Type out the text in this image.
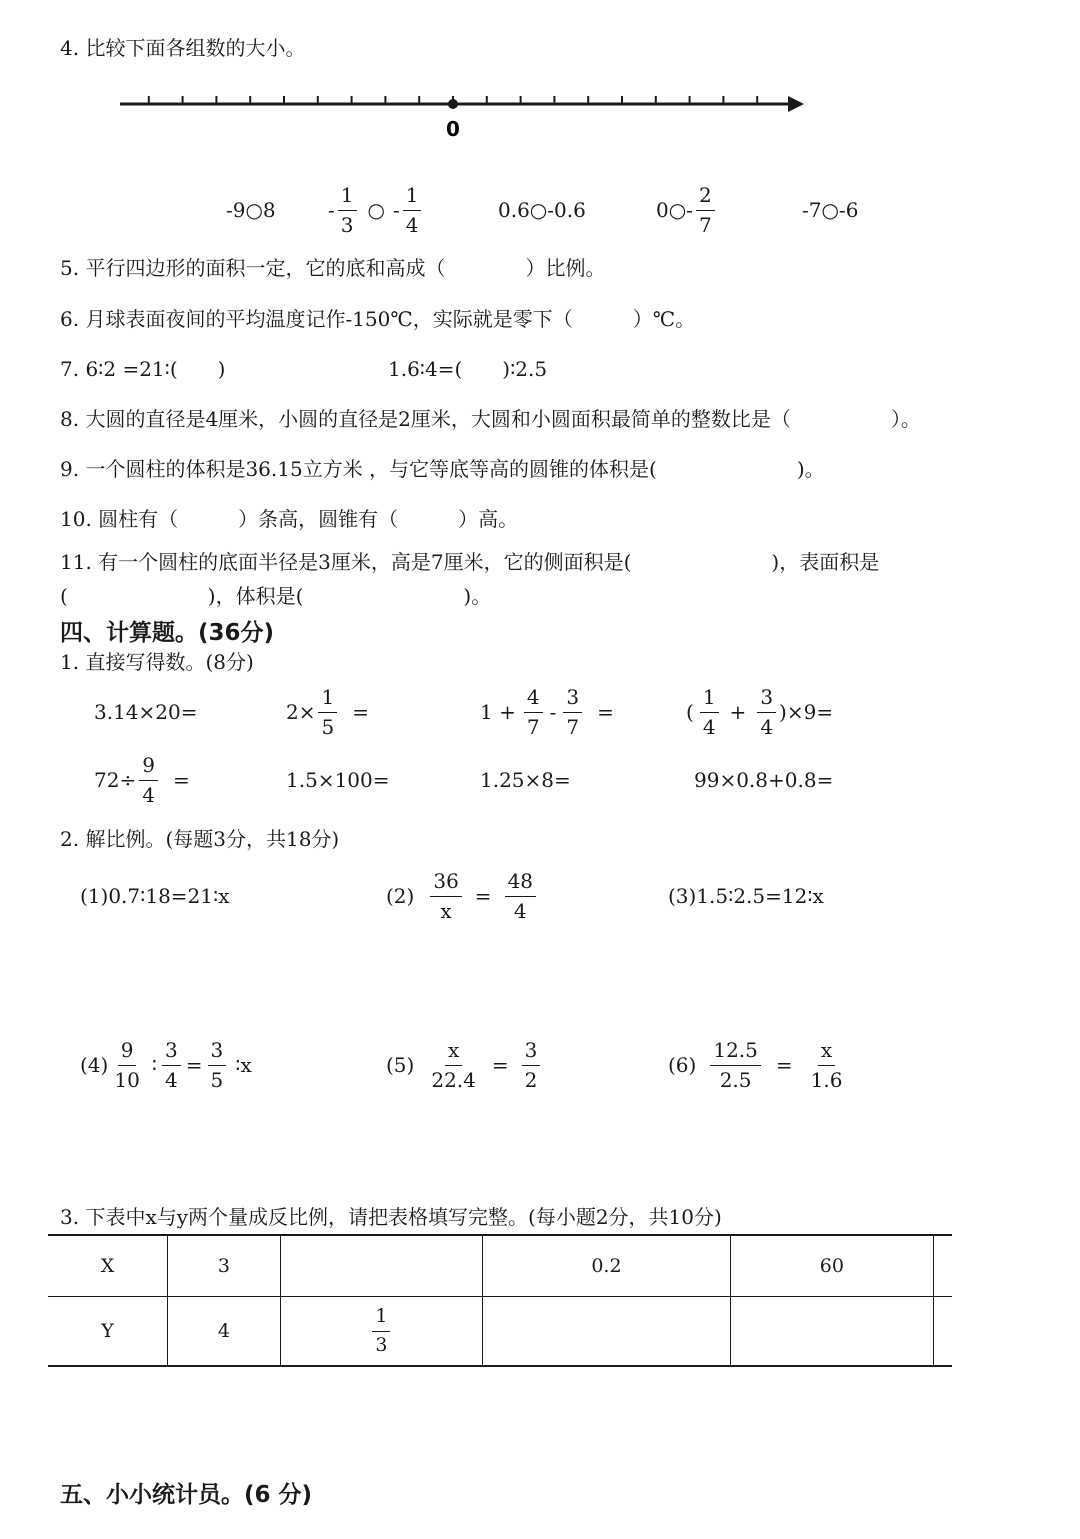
4. 比较下面各组数的大小。
0
-9○8	- $\frac{1}{3}$ ○ - $\frac{1}{4}$	0.6○-0.6	0○- $\frac{2}{7}$	-7○-6
5. 平行四边形的面积一定，它的底和高成（　　　　）比例。
6. 月球表面夜间的平均温度记作-150℃，实际就是零下（　　　）℃。
7. 6∶2 =21∶(　　)	1.6∶4=(　　)∶2.5
8. 大圆的直径是4厘米，小圆的直径是2厘米，大圆和小圆面积最简单的整数比是（　　　　　）。
9. 一个圆柱的体积是36.15立方米 ，与它等底等高的圆锥的体积是(　　　　　　　)。
10. 圆柱有（　　　）条高，圆锥有（　　　）高。
11. 有一个圆柱的底面半径是3厘米，高是7厘米，它的侧面积是(　　　　　　　)，表面积是
(　　　　　　　)，体积是(　　　　　　　　)。
四、计算题。(36分)
1. 直接写得数。(8分)
3.14×20=	$2\times \frac{1}{5}$ =	$1 + \frac{4}{7} - \frac{3}{7}$ =	( $\frac{1}{4} + \frac{3}{4} )\times 9=$
$72\div \frac{9}{4}$ =	1.5×100=	1.25×8=	99×0.8+0.8=
2. 解比例。(每题3分，共18分)
(1)0.7∶18=21∶x	$(2) \frac{36}{x} = \frac{48}{4}$	(3)1.5∶2.5=12∶x
$(4) \frac{9}{10}$ ∶ $\frac{3}{4} = \frac{3}{5}$ ∶x	$(5) \frac{x}{22.4} = \frac{3}{2}$	$(6) \frac{12.5}{2.5} = \frac{x}{1.6}$
3. 下表中x与y两个量成反比例，请把表格填写完整。(每小题2分，共10分)
X	3		0.2	60	
Y	4	$\frac{1}{3}$

五、小小统计员。(6 分)
